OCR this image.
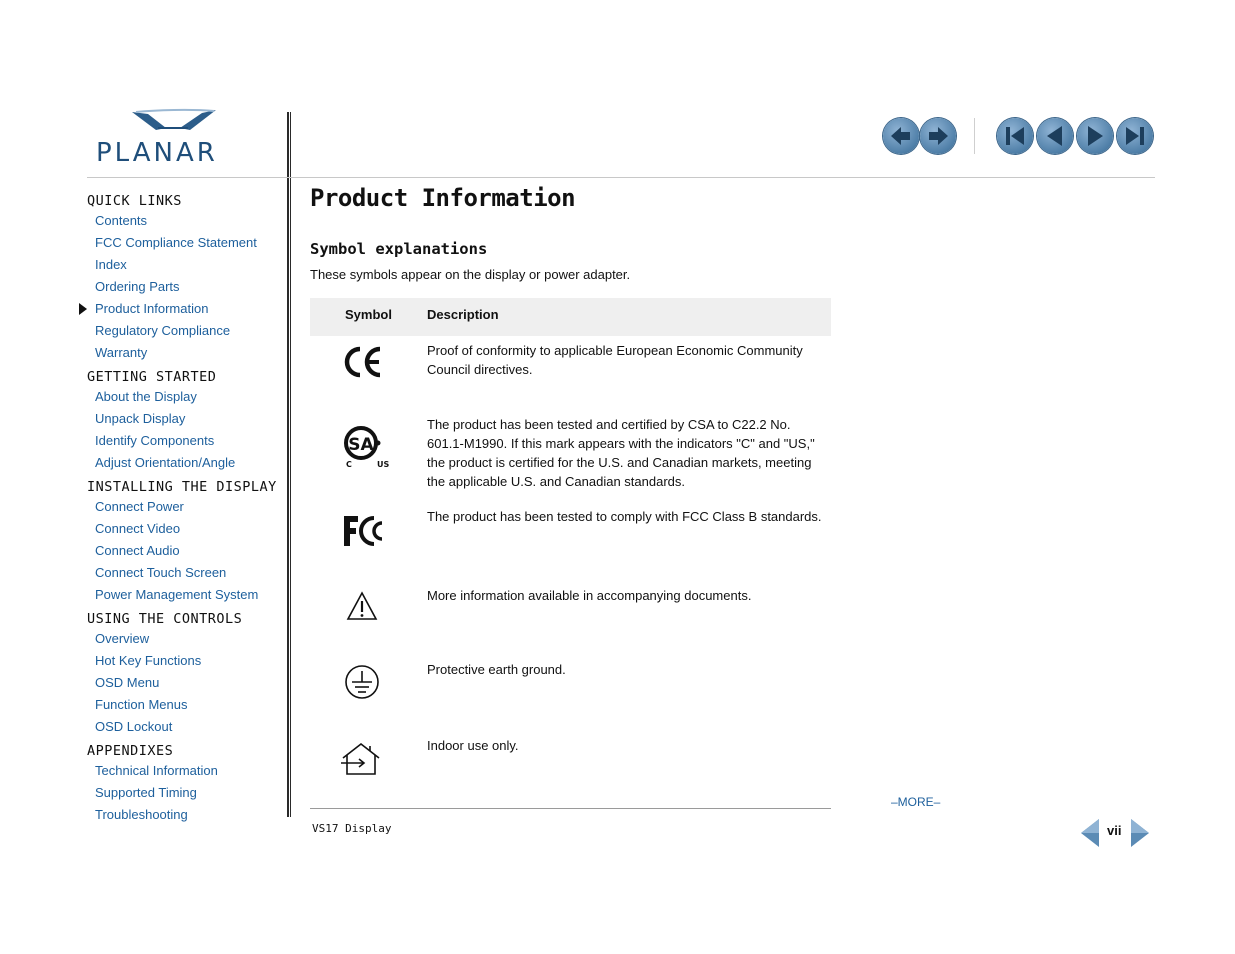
PLANAR
QUICK LINKS
Contents
FCC Compliance Statement
Index
Ordering Parts
Product Information
Regulatory Compliance
Warranty
GETTING STARTED
About the Display
Unpack Display
Identify Components
Adjust Orientation/Angle
INSTALLING THE DISPLAY
Connect Power
Connect Video
Connect Audio
Connect Touch Screen
Power Management System
USING THE CONTROLS
Overview
Hot Key Functions
OSD Menu
Function Menus
OSD Lockout
APPENDIXES
Technical Information
Supported Timing
Troubleshooting
Product Information
Symbol explanations
These symbols appear on the display or power adapter.
Symbol	Description
Proof of conformity to applicable European Economic Community Council directives.
SA
C	US
The product has been tested and certified by CSA to C22.2 No. 601.1-M1990. If this mark appears with the indicators "C" and "US," the product is certified for the U.S. and Canadian markets, meeting the applicable U.S. and Canadian standards.
The product has been tested to comply with FCC Class B standards.
More information available in accompanying documents.
Protective earth ground.
Indoor use only.
–MORE–
VS17 Display	vii
